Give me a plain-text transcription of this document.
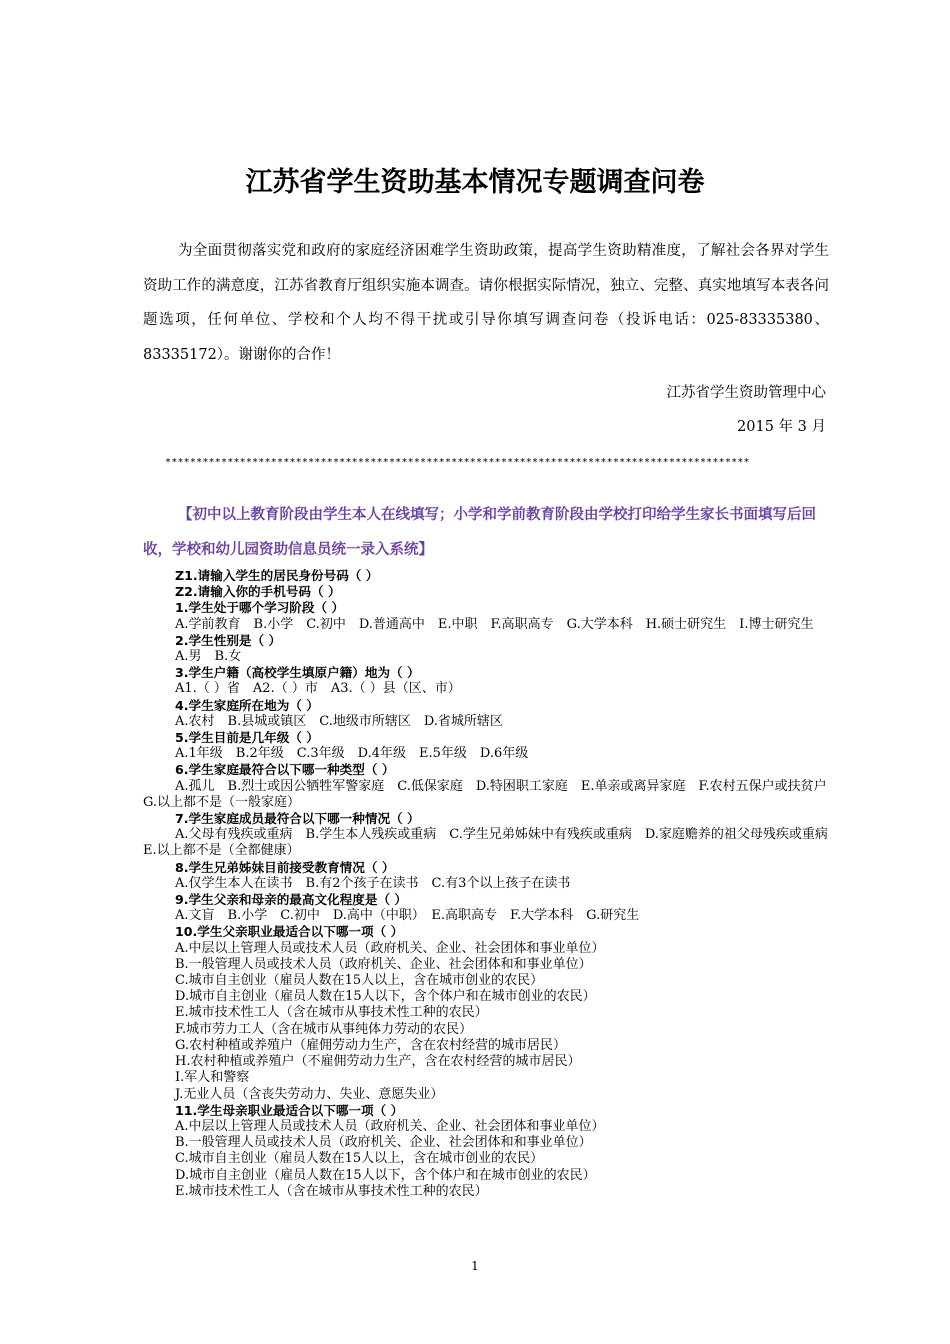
江苏省学生资助基本情况专题调查问卷
为全面贯彻落实党和政府的家庭经济困难学生资助政策，提高学生资助精准度，了解社会各界对学生资助工作的满意度，江苏省教育厅组织实施本调查。请你根据实际情况，独立、完整、真实地填写本表各问题选项，任何单位、学校和个人均不得干扰或引导你填写调查问卷（投诉电话：025-83335380、83335172）。谢谢你的合作！
江苏省学生资助管理中心
2015 年 3 月
**********************************************************************************************
【初中以上教育阶段由学生本人在线填写；小学和学前教育阶段由学校打印给学生家长书面填写后回收，学校和幼儿园资助信息员统一录入系统】
Z1.请输入学生的居民身份号码（ ）
Z2.请输入你的手机号码（ ）
1.学生处于哪个学习阶段（ ）
A.学前教育　B.小学　C.初中　D.普通高中　E.中职　F.高职高专　G.大学本科　H.硕士研究生　I.博士研究生
2.学生性别是（ ）
A.男　B.女
3.学生户籍（高校学生填原户籍）地为（ ）
A1.（ ）省　A2.（ ）市　A3.（ ）县（区、市）
4.学生家庭所在地为（ ）
A.农村　B.县城或镇区　C.地级市所辖区　D.省城所辖区
5.学生目前是几年级（ ）
A.1年级　B.2年级　C.3年级　D.4年级　E.5年级　D.6年级
6.学生家庭最符合以下哪一种类型（ ）
A.孤儿　B.烈士或因公牺牲军警家庭　C.低保家庭　D.特困职工家庭　E.单亲或离异家庭　F.农村五保户或扶贫户　G.以上都不是（一般家庭）
7.学生家庭成员最符合以下哪一种情况（ ）
A.父母有残疾或重病　B.学生本人残疾或重病　C.学生兄弟姊妹中有残疾或重病　D.家庭赡养的祖父母残疾或重病　E.以上都不是（全都健康）
8.学生兄弟姊妹目前接受教育情况（ ）
A.仅学生本人在读书　B.有2个孩子在读书　C.有3个以上孩子在读书
9.学生父亲和母亲的最高文化程度是（ ）
A.文盲　B.小学　C.初中　D.高中（中职）　E.高职高专　F.大学本科　G.研究生
10.学生父亲职业最适合以下哪一项（ ）
A.中层以上管理人员或技术人员（政府机关、企业、社会团体和事业单位）
B.一般管理人员或技术人员（政府机关、企业、社会团体和和事业单位）
C.城市自主创业（雇员人数在15人以上，含在城市创业的农民）
D.城市自主创业（雇员人数在15人以下，含个体户和在城市创业的农民）
E.城市技术性工人（含在城市从事技术性工种的农民）
F.城市劳力工人（含在城市从事纯体力劳动的农民）
G.农村种植或养殖户（雇佣劳动力生产，含在农村经营的城市居民）
H.农村种植或养殖户（不雇佣劳动力生产，含在农村经营的城市居民）
I.军人和警察
J.无业人员（含丧失劳动力、失业、意愿失业）
11.学生母亲职业最适合以下哪一项（ ）
A.中层以上管理人员或技术人员（政府机关、企业、社会团体和事业单位）
B.一般管理人员或技术人员（政府机关、企业、社会团体和和事业单位）
C.城市自主创业（雇员人数在15人以上，含在城市创业的农民）
D.城市自主创业（雇员人数在15人以下，含个体户和在城市创业的农民）
E.城市技术性工人（含在城市从事技术性工种的农民）
1
